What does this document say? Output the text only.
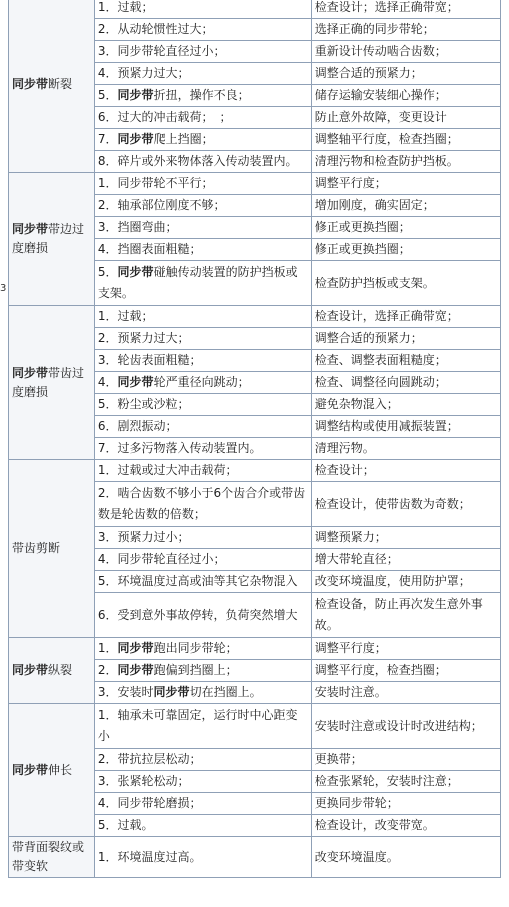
3
同步带断裂	1．过载；	检查设计；选择正确带宽；
	2．从动轮惯性过大；	选择正确的同步带轮；
	3．同步带轮直径过小；	重新设计传动啮合齿数；
	4．预紧力过大；	调整合适的预紧力；
	5．同步带折扭，操作不良；	储存运输安装细心操作；
	6．过大的冲击载荷；　；	防止意外故障，变更设计
	7．同步带爬上挡圈；	调整轴平行度，检查挡圈；
	8．碎片或外来物体落入传动装置内。	清理污物和检查防护挡板。
同步带带边过度磨损	1．同步带轮不平行；	调整平行度；
	2．轴承部位刚度不够；	增加刚度，确实固定；
	3．挡圈弯曲；	修正或更换挡圈；
	4．挡圈表面粗糙；	修正或更换挡圈；
	5．同步带碰触传动装置的防护挡板或支架。	检查防护挡板或支架。
同步带带齿过度磨损	1．过载；	检查设计，选择正确带宽；
	2．预紧力过大；	调整合适的预紧力；
	3．轮齿表面粗糙；	检查、调整表面粗糙度；
	4．同步带轮严重径向跳动；	检查、调整径向圆跳动；
	5．粉尘或沙粒；	避免杂物混入；
	6．剧烈振动；	调整结构或使用减振装置；
	7．过多污物落入传动装置内。	清理污物。
带齿剪断	1．过载或过大冲击载荷；	检查设计；
	2．啮合齿数不够小于6个齿合介或带齿数是轮齿数的倍数；	检查设计，使带齿数为奇数；
	3．预紧力过小；	调整预紧力；
	4．同步带轮直径过小；	增大带轮直径；
	5．环境温度过高或油等其它杂物混入	改变环境温度，使用防护罩；
	6．受到意外事故停转，负荷突然增大	检查设备，防止再次发生意外事故。
同步带纵裂	1．同步带跑出同步带轮；	调整平行度；
	2．同步带跑偏到挡圈上；	调整平行度，检查挡圈；
	3．安装时同步带切在挡圈上。	安装时注意。
同步带伸长	1．轴承未可靠固定，运行时中心距变小	安装时注意或设计时改进结构；
	2．带抗拉层松动；	更换带；
	3．张紧轮松动；	检查张紧轮，安装时注意；
	4．同步带轮磨损；	更换同步带轮；
	5．过载。	检查设计，改变带宽。
带背面裂纹或带变软	1．环境温度过高。	改变环境温度。
